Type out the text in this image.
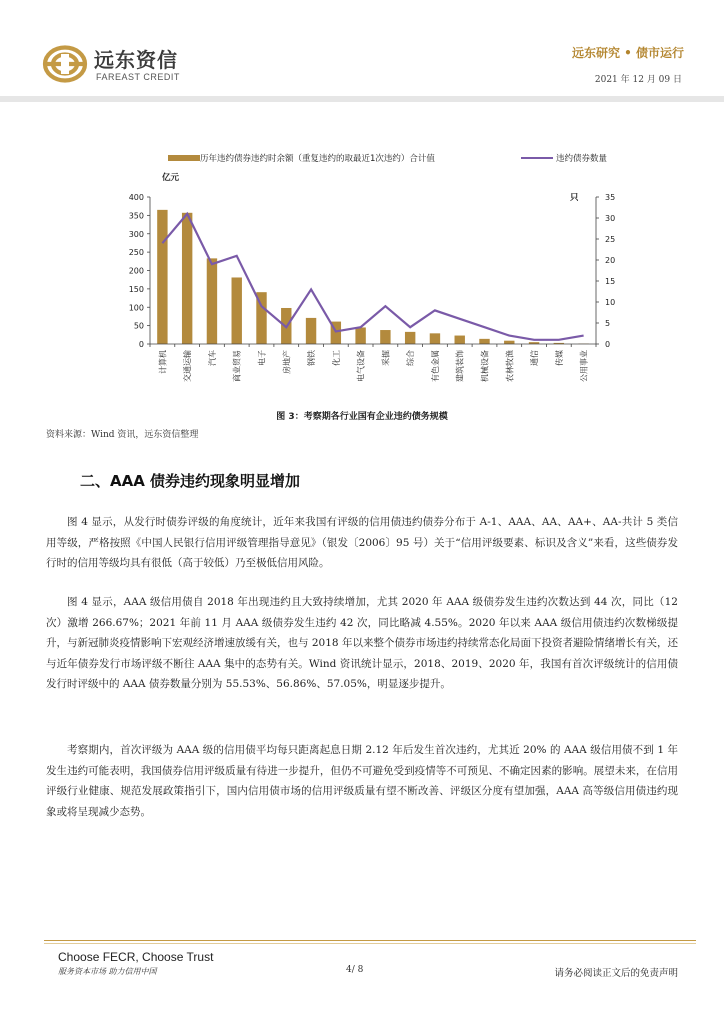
远东资信
FAREAST CREDIT
远东研究 • 债市运行
2021 年 12 月 09 日
历年违约债券违约时余额（重复违约的取最近1次违约）合计值	违约债券数量
亿元
只
0
50
100
150
200
250
300
350
400
0
5
10
15
20
25
30
35
计算机 交通运输 汽车 商业贸易 电子 房地产 钢铁 化工 电气设备 采掘 综合 有色金属 建筑装饰 机械设备 农林牧渔 通信 传媒 公用事业
图 3：考察期各行业国有企业违约债务规模
资料来源：Wind 资讯，远东资信整理
二、AAA 债券违约现象明显增加
图 4 显示，从发行时债券评级的角度统计，近年来我国有评级的信用债违约债券分布于 A-1、AAA、AA、AA+、AA-共计 5 类信用等级，严格按照《中国人民银行信用评级管理指导意见》（银发〔2006〕95 号）关于“信用评级要素、标识及含义”来看，这些债券发行时的信用等级均具有很低（高于较低）乃至极低信用风险。
图 4 显示，AAA 级信用债自 2018 年出现违约且大致持续增加，尤其 2020 年 AAA 级债券发生违约次数达到 44 次，同比（12 次）激增 266.67%；2021 年前 11 月 AAA 级债券发生违约 42 次，同比略减 4.55%。2020 年以来 AAA 级信用债违约次数梯级提升，与新冠肺炎疫情影响下宏观经济增速放缓有关，也与 2018 年以来整个债券市场违约持续常态化局面下投资者避险情绪增长有关，还与近年债券发行市场评级不断往 AAA 集中的态势有关。Wind 资讯统计显示，2018、2019、2020 年，我国有首次评级统计的信用债发行时评级中的 AAA 债券数量分别为 55.53%、56.86%、57.05%，明显逐步提升。
考察期内，首次评级为 AAA 级的信用债平均每只距离起息日期 2.12 年后发生首次违约，尤其近 20% 的 AAA 级信用债不到 1 年发生违约可能表明，我国债券信用评级质量有待进一步提升，但仍不可避免受到疫情等不可预见、不确定因素的影响。展望未来，在信用评级行业健康、规范发展政策指引下，国内信用债市场的信用评级质量有望不断改善、评级区分度有望加强，AAA 高等级信用债违约现象或将呈现减少态势。
Choose FECR, Choose Trust
服务资本市场 助力信用中国	4/ 8	请务必阅读正文后的免责声明
